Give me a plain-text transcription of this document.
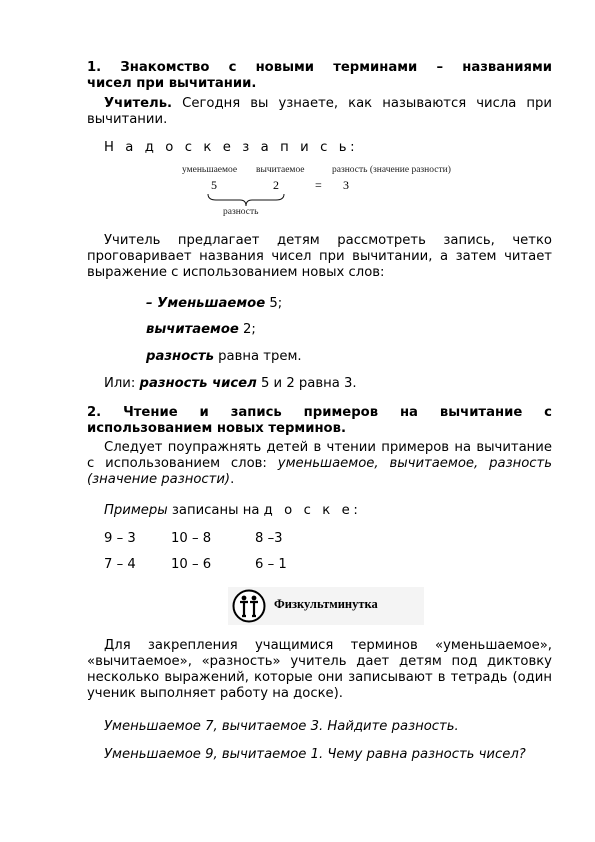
1. Знакомство с новыми терминами – названиями

чисел при вычитании.

Учитель. Сегодня вы узнаете, как называются числа при вычитании.

Н а д о с к е з а п и с ь:

уменьшаемое вычитаемое	разность (значение разности)
5	2	= 3
разность

Учитель предлагает детям рассмотреть запись, четко проговаривает названия чисел при вычитании, а затем читает выражение с использованием новых слов:

– Уменьшаемое 5;

вычитаемое 2;

разность равна трем.

Или: разность чисел 5 и 2 равна 3.

2. Чтение и запись примеров на вычитание с

использованием новых терминов.

Следует поупражнять детей в чтении примеров на вычитание с использованием слов: уменьшаемое, вычитаемое, разность (значение разности).

Примеры записаны на д о с к е:

9 – 3	10 – 8	8 –3
7 – 4	10 – 6	6 – 1
Физкультминутка

Для закрепления учащимися терминов «уменьшаемое», «вычитаемое», «разность» учитель дает детям под диктовку несколько выражений, которые они записывают в тетрадь (один ученик выполняет работу на доске).

Уменьшаемое 7, вычитаемое 3. Найдите разность.

Уменьшаемое 9, вычитаемое 1. Чему равна разность чисел?
